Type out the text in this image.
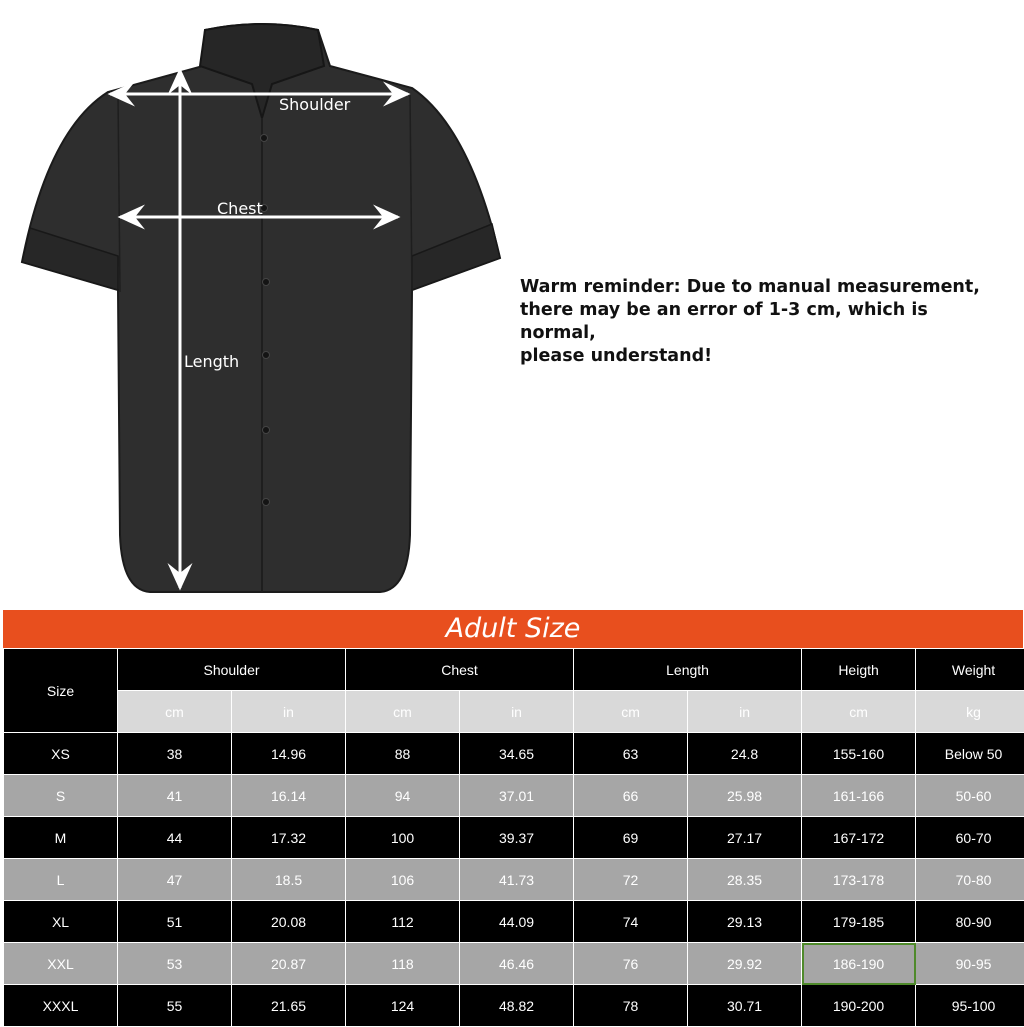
Shoulder
Chest
Length
Warm reminder: Due to manual measurement,
there may be an error of 1-3 cm, which is normal,
please understand!
Adult Size
Size	Shoulder		Chest		Length		Heigth	Weight
	cm	in	cm	in	cm	in	cm	kg
XS	38	14.96	88	34.65	63	24.8	155-160	Below 50
S	41	16.14	94	37.01	66	25.98	161-166	50-60
M	44	17.32	100	39.37	69	27.17	167-172	60-70
L	47	18.5	106	41.73	72	28.35	173-178	70-80
XL	51	20.08	112	44.09	74	29.13	179-185	80-90
XXL	53	20.87	118	46.46	76	29.92	186-190	90-95
XXXL	55	21.65	124	48.82	78	30.71	190-200	95-100
